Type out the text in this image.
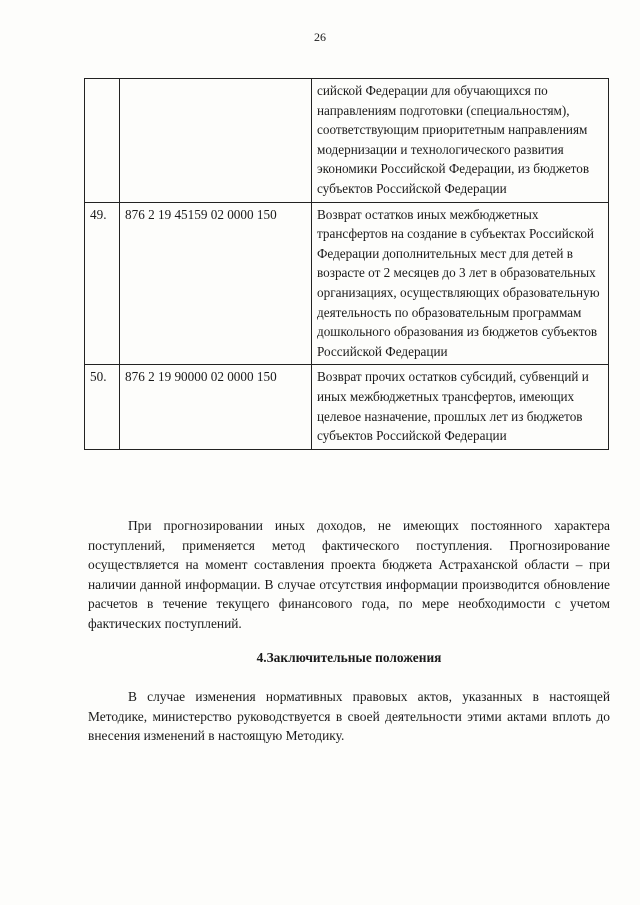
26
		сийской Федерации для обучающихся по направлениям подготовки (специальностям), соответствующим приоритетным направлениям модернизации и технологического развития экономики Российской Федерации, из бюджетов субъектов Российской Федерации
49.	876 2 19 45159 02 0000 150	Возврат остатков иных межбюджетных трансфертов на создание в субъектах Российской Федерации дополнительных мест для детей в возрасте от 2 месяцев до 3 лет в образовательных организациях, осуществляющих образовательную деятельность по образовательным программам дошкольного образования из бюджетов субъектов Российской Федерации
50.	876 2 19 90000 02 0000 150	Возврат прочих остатков субсидий, субвенций и иных межбюджетных трансфертов, имеющих целевое назначение, прошлых лет из бюджетов субъектов Российской Федерации

При прогнозировании иных доходов, не имеющих постоянного характера поступлений, применяется метод фактического поступления. Прогнозирование осуществляется на момент составления проекта бюджета Астраханской области – при наличии данной информации. В случае отсутствия информации производится обновление расчетов в течение текущего финансового года, по мере необходимости с учетом фактических поступлений.

4.Заключительные положения

В случае изменения нормативных правовых актов, указанных в настоящей Методике, министерство руководствуется в своей деятельности этими актами вплоть до внесения изменений в настоящую Методику.
